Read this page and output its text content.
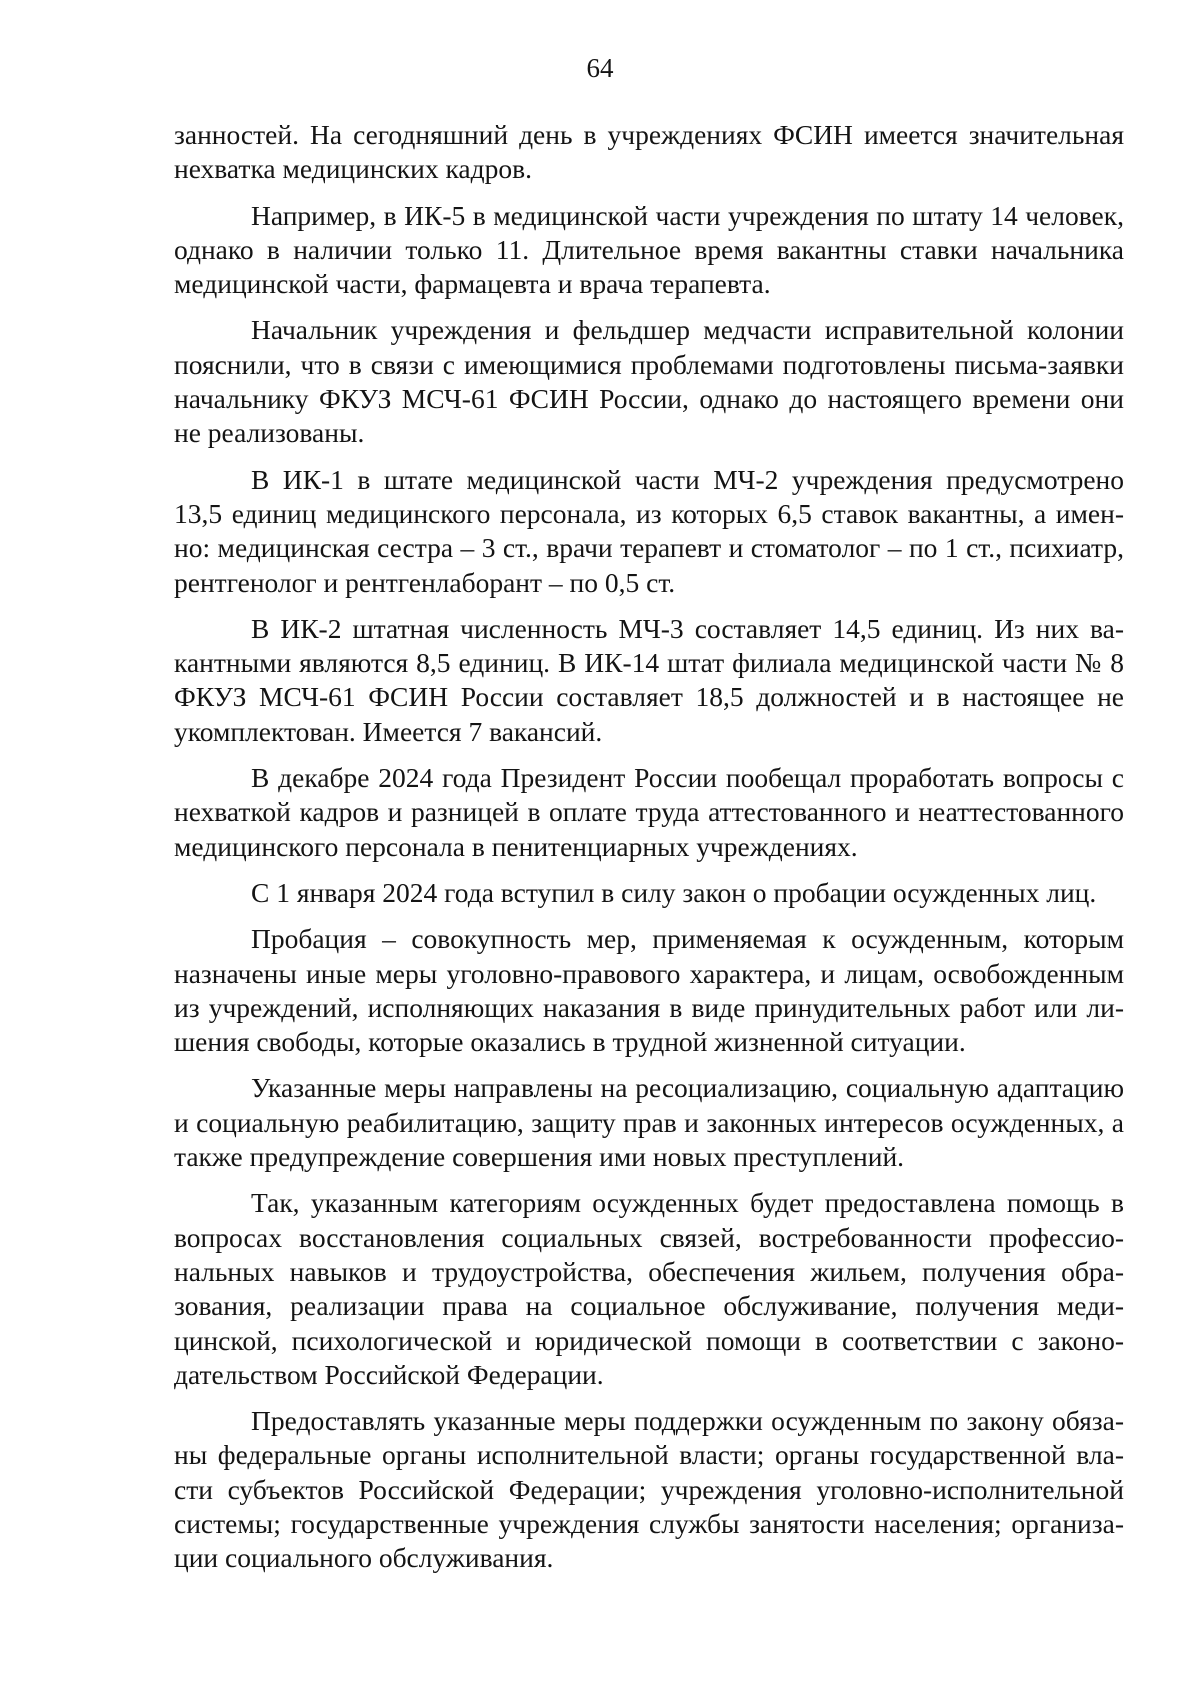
64

занностей. На сегодняшний день в учреждениях ФСИН имеется значительная нехватка медицинских кадров.

Например, в ИК-5 в медицинской части учреждения по штату 14 человек, однако в наличии только 11. Длительное время вакантны ставки начальника медицинской части, фармацевта и врача терапевта.

Начальник учреждения и фельдшер медчасти исправительной колонии пояснили, что в связи с имеющимися проблемами подготовлены письма-заявки начальнику ФКУЗ МСЧ-61 ФСИН России, однако до настоящего времени они не реализованы.

В ИК-1 в штате медицинской части МЧ-2 учреждения предусмотрено 13,5 единиц медицинского персонала, из которых 6,5 ставок вакантны, а именно: медицинская сестра – 3 ст., врачи терапевт и стоматолог – по 1 ст., психиатр, рентгенолог и рентгенлаборант – по 0,5 ст.

В ИК-2 штатная численность МЧ-3 составляет 14,5 единиц. Из них вакантными являются 8,5 единиц. В ИК-14 штат филиала медицинской части № 8 ФКУЗ МСЧ-61 ФСИН России составляет 18,5 должностей и в настоящее не укомплектован. Имеется 7 вакансий.

В декабре 2024 года Президент России пообещал проработать вопросы с нехваткой кадров и разницей в оплате труда аттестованного и неаттестованного медицинского персонала в пенитенциарных учреждениях.

С 1 января 2024 года вступил в силу закон о пробации осужденных лиц.

Пробация – совокупность мер, применяемая к осужденным, которым назначены иные меры уголовно-правового характера, и лицам, освобожденным из учреждений, исполняющих наказания в виде принудительных работ или лишения свободы, которые оказались в трудной жизненной ситуации.

Указанные меры направлены на ресоциализацию, социальную адаптацию и социальную реабилитацию, защиту прав и законных интересов осужденных, а также предупреждение совершения ими новых преступлений.

Так, указанным категориям осужденных будет предоставлена помощь в вопросах восстановления социальных связей, востребованности профессиональных навыков и трудоустройства, обеспечения жильем, получения образования, реализации права на социальное обслуживание, получения медицинской, психологической и юридической помощи в соответствии с законодательством Российской Федерации.

Предоставлять указанные меры поддержки осужденным по закону обязаны федеральные органы исполнительной власти; органы государственной власти субъектов Российской Федерации; учреждения уголовно-исполнительной системы; государственные учреждения службы занятости населения; организации социального обслуживания.
